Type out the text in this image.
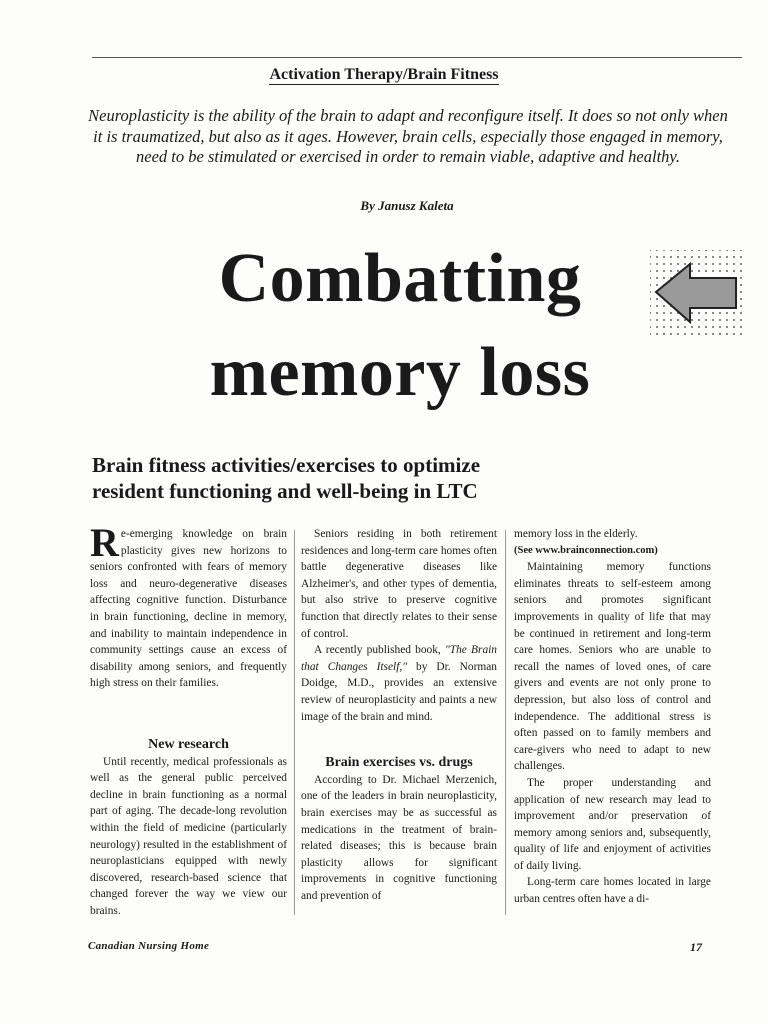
Activation Therapy/Brain Fitness
Neuroplasticity is the ability of the brain to adapt and reconfigure itself. It does so not only when it is traumatized, but also as it ages. However, brain cells, especially those engaged in memory, need to be stimulated or exercised in order to remain viable, adaptive and healthy.
By Janusz Kaleta
Combatting
memory loss
Brain fitness activities/exercises to optimize
resident functioning and well-being in LTC

Re-emerging knowledge on brain plasticity gives new horizons to seniors confronted with fears of memory loss and neuro-degenerative diseases affecting cognitive function. Disturbance in brain functioning, decline in memory, and inability to maintain independence in community settings cause an excess of disability among seniors, and frequently high stress on their families.

New research

Until recently, medical professionals as well as the general public perceived decline in brain functioning as a normal part of aging. The decade-long revolution within the field of medicine (particularly neurology) resulted in the establishment of neuroplasticians equipped with newly discovered, research-based science that changed forever the way we view our brains.

Seniors residing in both retirement residences and long-term care homes often battle degenerative diseases like Alzheimer's, and other types of dementia, but also strive to preserve cognitive function that directly relates to their sense of control.

A recently published book, "The Brain that Changes Itself," by Dr. Norman Doidge, M.D., provides an extensive review of neuroplasticity and paints a new image of the brain and mind.

Brain exercises vs. drugs

According to Dr. Michael Merzenich, one of the leaders in brain neuroplasticity, brain exercises may be as successful as medications in the treatment of brain-related diseases; this is because brain plasticity allows for significant improvements in cognitive functioning and prevention of

memory loss in the elderly.

(See www.brainconnection.com)

Maintaining memory functions eliminates threats to self-esteem among seniors and promotes significant improvements in quality of life that may be continued in retirement and long-term care homes. Seniors who are unable to recall the names of loved ones, of care givers and events are not only prone to depression, but also loss of control and independence. The additional stress is often passed on to family members and care-givers who need to adapt to new challenges.

The proper understanding and application of new research may lead to improvement and/or preservation of memory among seniors and, subsequently, quality of life and enjoyment of activities of daily living.

Long-term care homes located in large urban centres often have a di-

Canadian Nursing Home	17
